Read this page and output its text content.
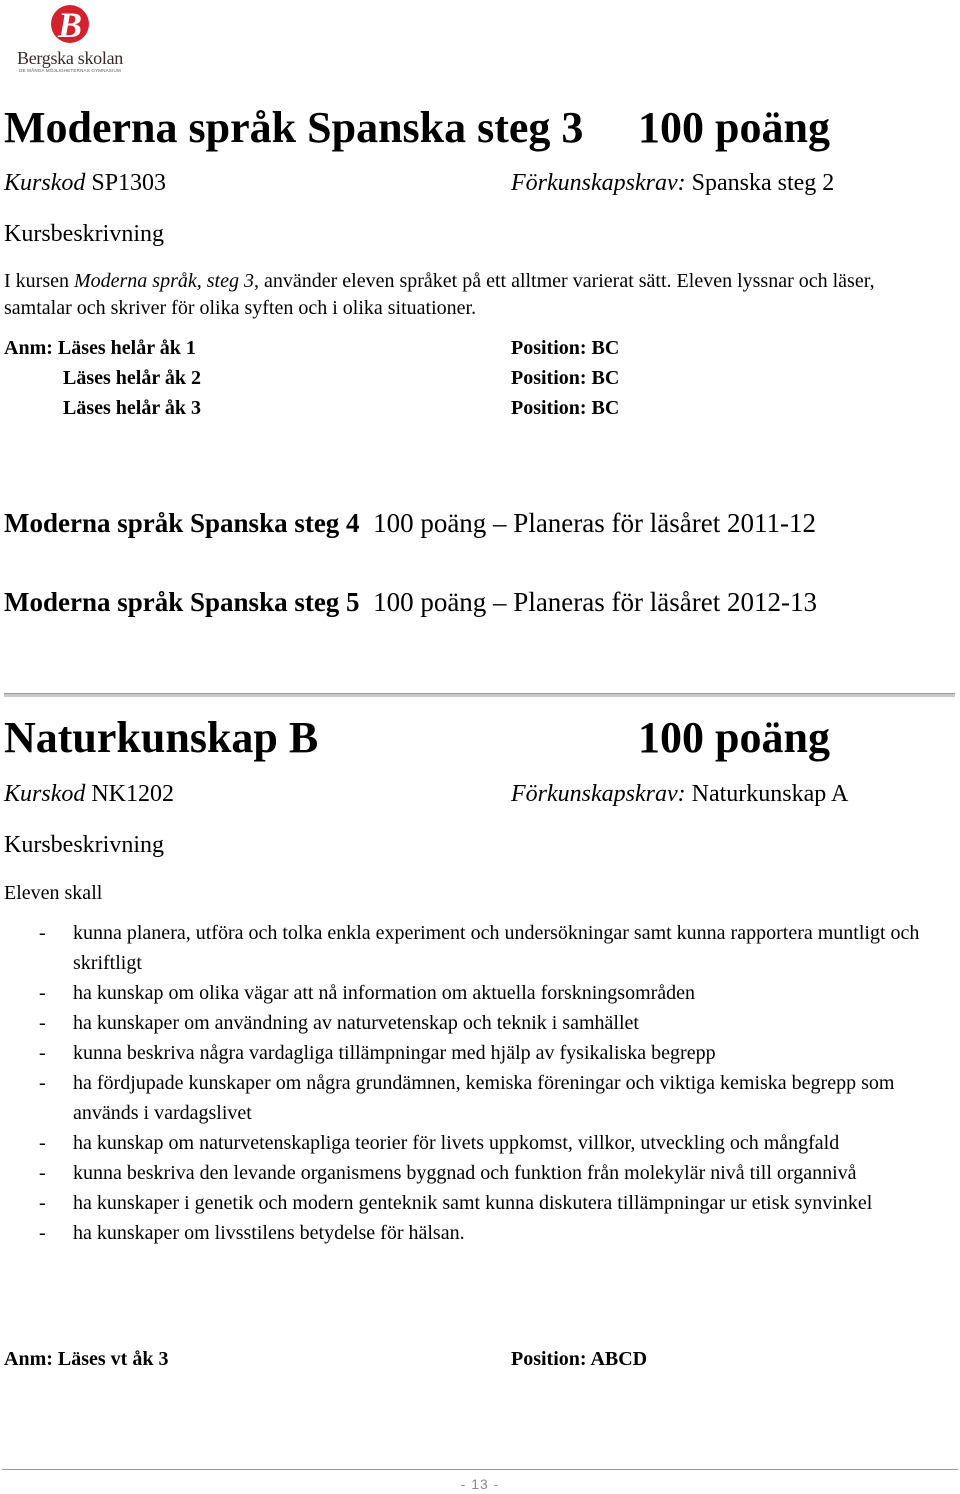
B
Bergska skolan
DE MÅNGA MÖJLIGHETERNAS GYMNASIUM
Moderna språk Spanska steg 3 100 poäng
Kurskod SP1303	Förkunskapskrav: Spanska steg 2
Kursbeskrivning
I kursen Moderna språk, steg 3, använder eleven språket på ett alltmer varierat sätt. Eleven lyssnar och läser, samtalar och skriver för olika syften och i olika situationer.
Anm: Läses helår åk 1	Position: BC
Läses helår åk 2	Position: BC
Läses helår åk 3	Position: BC
Moderna språk Spanska steg 4 100 poäng – Planeras för läsåret 2011-12
Moderna språk Spanska steg 5 100 poäng – Planeras för läsåret 2012-13
Naturkunskap B	100 poäng
Kurskod NK1202	Förkunskapskrav: Naturkunskap A
Kursbeskrivning
Eleven skall
- kunna planera, utföra och tolka enkla experiment och undersökningar samt kunna rapportera muntligt och skriftligt
- ha kunskap om olika vägar att nå information om aktuella forskningsområden
- ha kunskaper om användning av naturvetenskap och teknik i samhället
- kunna beskriva några vardagliga tillämpningar med hjälp av fysikaliska begrepp
- ha fördjupade kunskaper om några grundämnen, kemiska föreningar och viktiga kemiska begrepp som används i vardagslivet
- ha kunskap om naturvetenskapliga teorier för livets uppkomst, villkor, utveckling och mångfald
- kunna beskriva den levande organismens byggnad och funktion från molekylär nivå till organnivå
- ha kunskaper i genetik och modern genteknik samt kunna diskutera tillämpningar ur etisk synvinkel
- ha kunskaper om livsstilens betydelse för hälsan.
Anm: Läses vt åk 3	Position: ABCD
- 13 -
